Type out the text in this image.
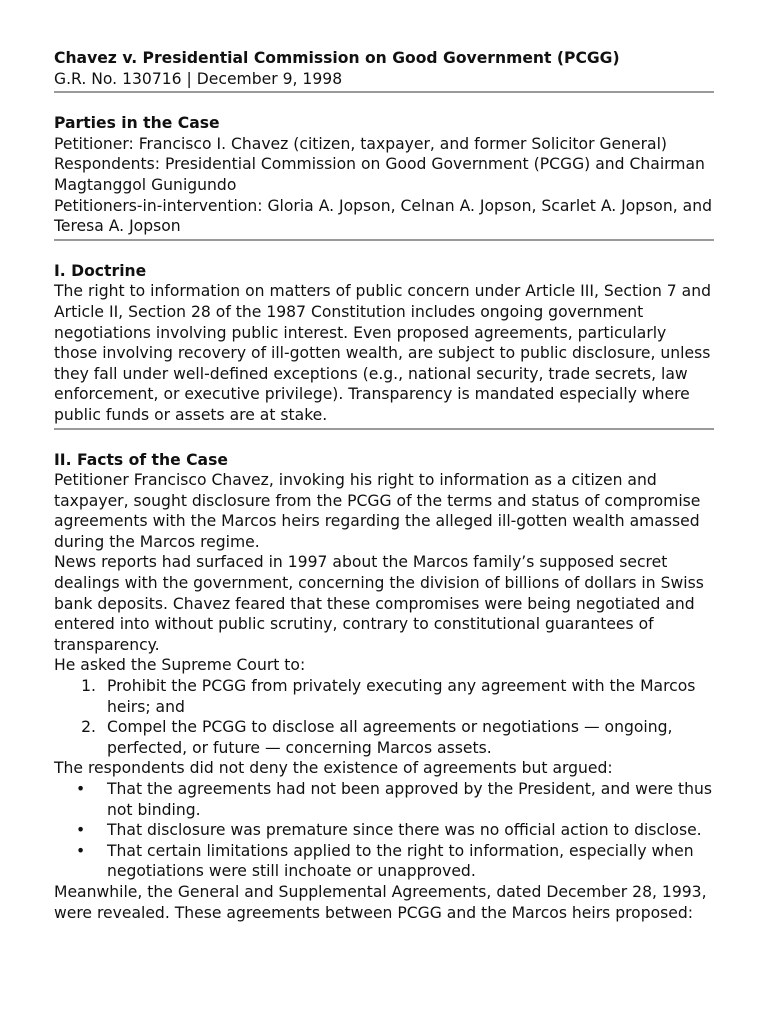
Chavez v. Presidential Commission on Good Government (PCGG)

G.R. No. 130716 | December 9, 1998

Parties in the Case

Petitioner: Francisco I. Chavez (citizen, taxpayer, and former Solicitor General)

Respondents: Presidential Commission on Good Government (PCGG) and Chairman Magtanggol Gunigundo

Petitioners-in-intervention: Gloria A. Jopson, Celnan A. Jopson, Scarlet A. Jopson, and Teresa A. Jopson

I. Doctrine

The right to information on matters of public concern under Article III, Section 7 and Article II, Section 28 of the 1987 Constitution includes ongoing government negotiations involving public interest. Even proposed agreements, particularly those involving recovery of ill-gotten wealth, are subject to public disclosure, unless they fall under well-defined exceptions (e.g., national security, trade secrets, law enforcement, or executive privilege). Transparency is mandated especially where public funds or assets are at stake.

II. Facts of the Case

Petitioner Francisco Chavez, invoking his right to information as a citizen and taxpayer, sought disclosure from the PCGG of the terms and status of compromise agreements with the Marcos heirs regarding the alleged ill-gotten wealth amassed during the Marcos regime.

News reports had surfaced in 1997 about the Marcos family’s supposed secret dealings with the government, concerning the division of billions of dollars in Swiss bank deposits. Chavez feared that these compromises were being negotiated and entered into without public scrutiny, contrary to constitutional guarantees of transparency.

He asked the Supreme Court to:

1. Prohibit the PCGG from privately executing any agreement with the Marcos heirs; and
2. Compel the PCGG to disclose all agreements or negotiations — ongoing, perfected, or future — concerning Marcos assets.

The respondents did not deny the existence of agreements but argued:

• That the agreements had not been approved by the President, and were thus not binding.
• That disclosure was premature since there was no official action to disclose.
• That certain limitations applied to the right to information, especially when negotiations were still inchoate or unapproved.

Meanwhile, the General and Supplemental Agreements, dated December 28, 1993, were revealed. These agreements between PCGG and the Marcos heirs proposed:
